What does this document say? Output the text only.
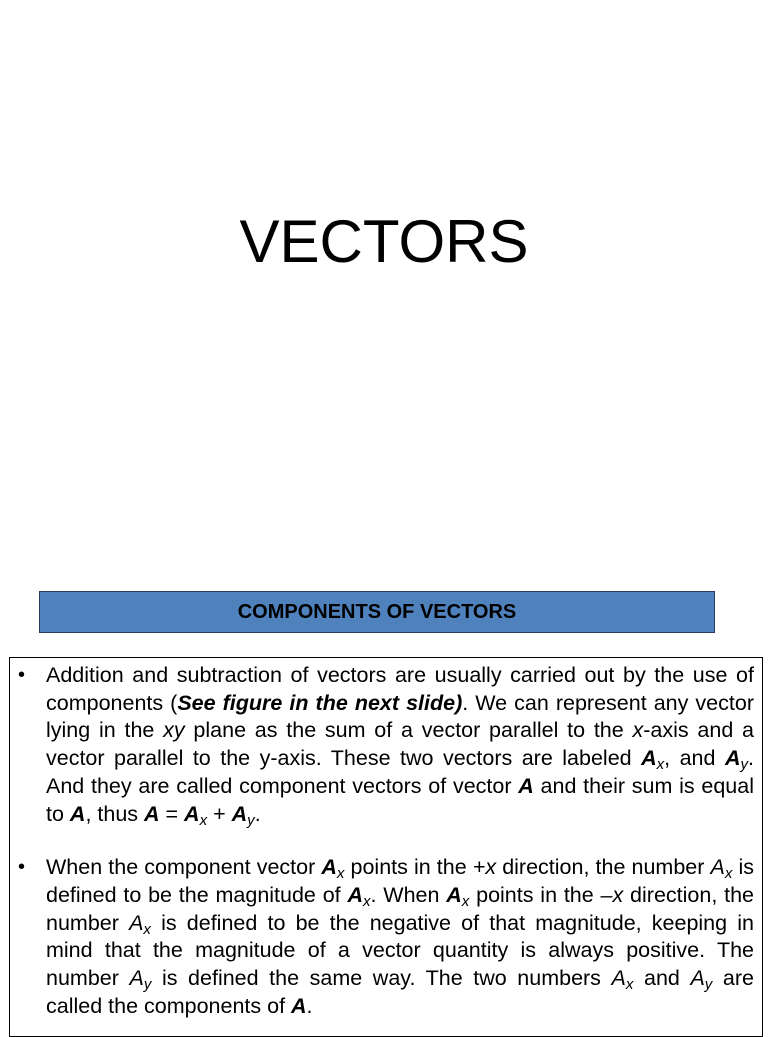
VECTORS
COMPONENTS OF VECTORS
• Addition and subtraction of vectors are usually carried out by the use of components (See figure in the next slide). We can represent any vector lying in the xy plane as the sum of a vector parallel to the x-axis and a vector parallel to the y-axis. These two vectors are labeled $A_x$, and $A_y$. And they are called component vectors of vector A and their sum is equal to A, thus $A = A_x + A_y$.
• When the component vector $A_x$ points in the +x direction, the number $A_x$ is defined to be the magnitude of $A_x$. When $A_x$ points in the –x direction, the number $A_x$ is defined to be the negative of that magnitude, keeping in mind that the magnitude of a vector quantity is always positive. The number $A_y$ is defined the same way. The two numbers $A_x$ and $A_y$ are called the components of A.
